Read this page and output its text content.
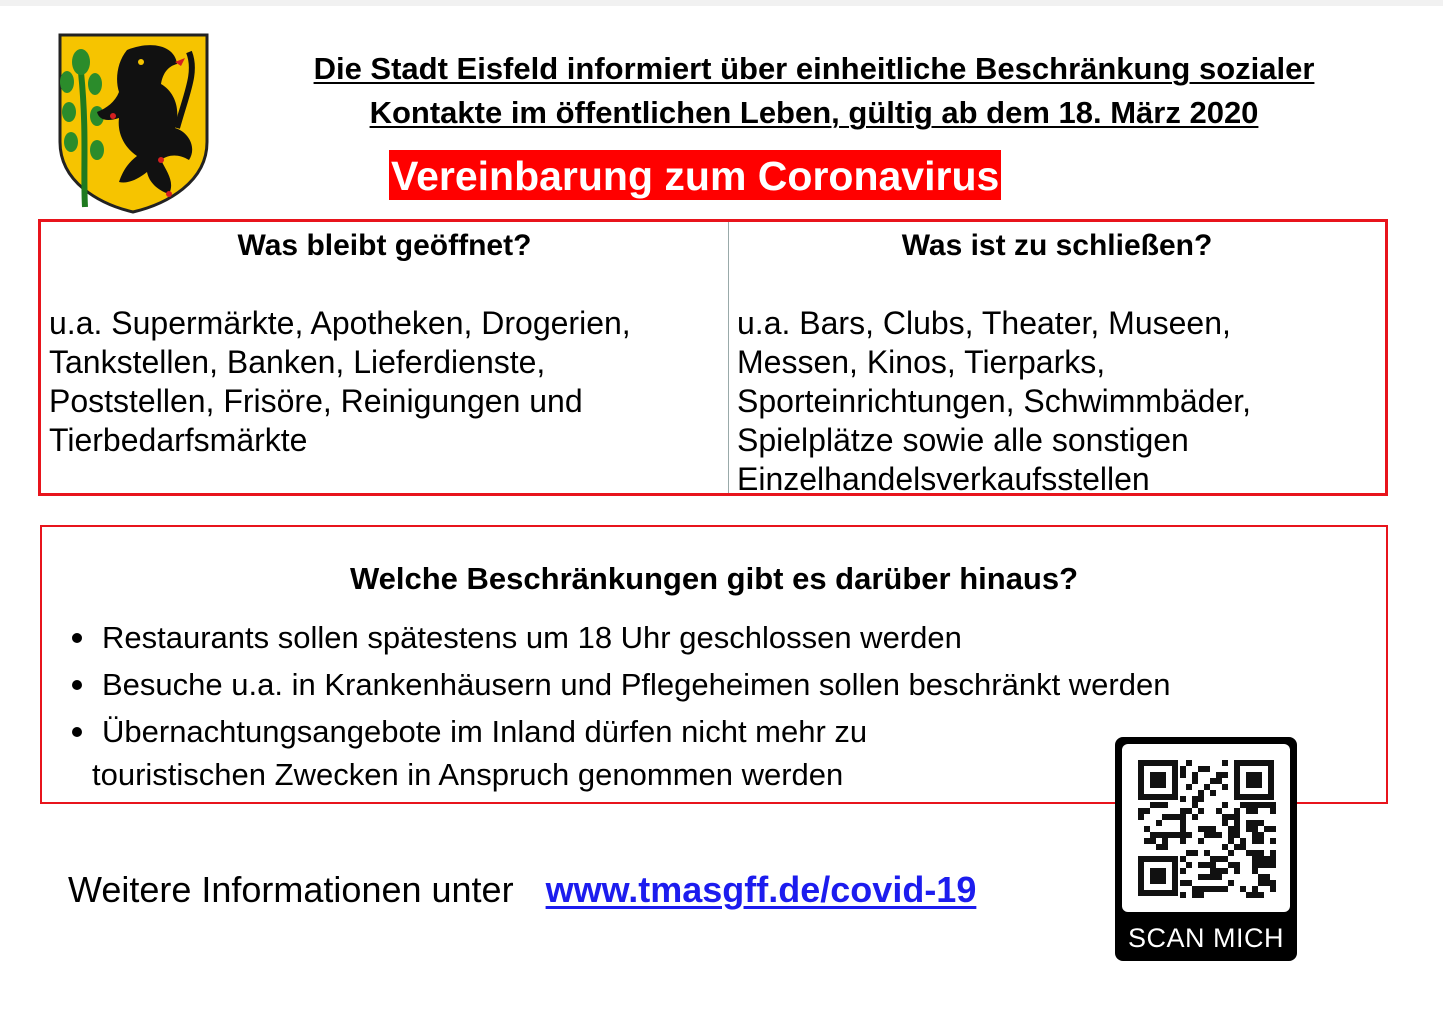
Die Stadt Eisfeld informiert über einheitliche Beschränkung sozialer
Kontakte im öffentlichen Leben, gültig ab dem 18. März 2020
Vereinbarung zum Coronavirus
Was bleibt geöffnet?
u.a. Supermärkte, Apotheken, Drogerien,
Tankstellen, Banken, Lieferdienste,
Poststellen, Frisöre, Reinigungen und
Tierbedarfsmärkte
Was ist zu schließen?
u.a. Bars, Clubs, Theater, Museen,
Messen, Kinos, Tierparks,
Sporteinrichtungen, Schwimmbäder,
Spielplätze sowie alle sonstigen
Einzelhandelsverkaufsstellen
Welche Beschränkungen gibt es darüber hinaus?
Restaurants sollen spätestens um 18 Uhr geschlossen werden
Besuche u.a. in Krankenhäusern und Pflegeheimen sollen beschränkt werden
Übernachtungsangebote im Inland dürfen nicht mehr zu
touristischen Zwecken in Anspruch genommen werden
Weitere Informationen unter www.tmasgff.de/covid-19
SCAN MICH
